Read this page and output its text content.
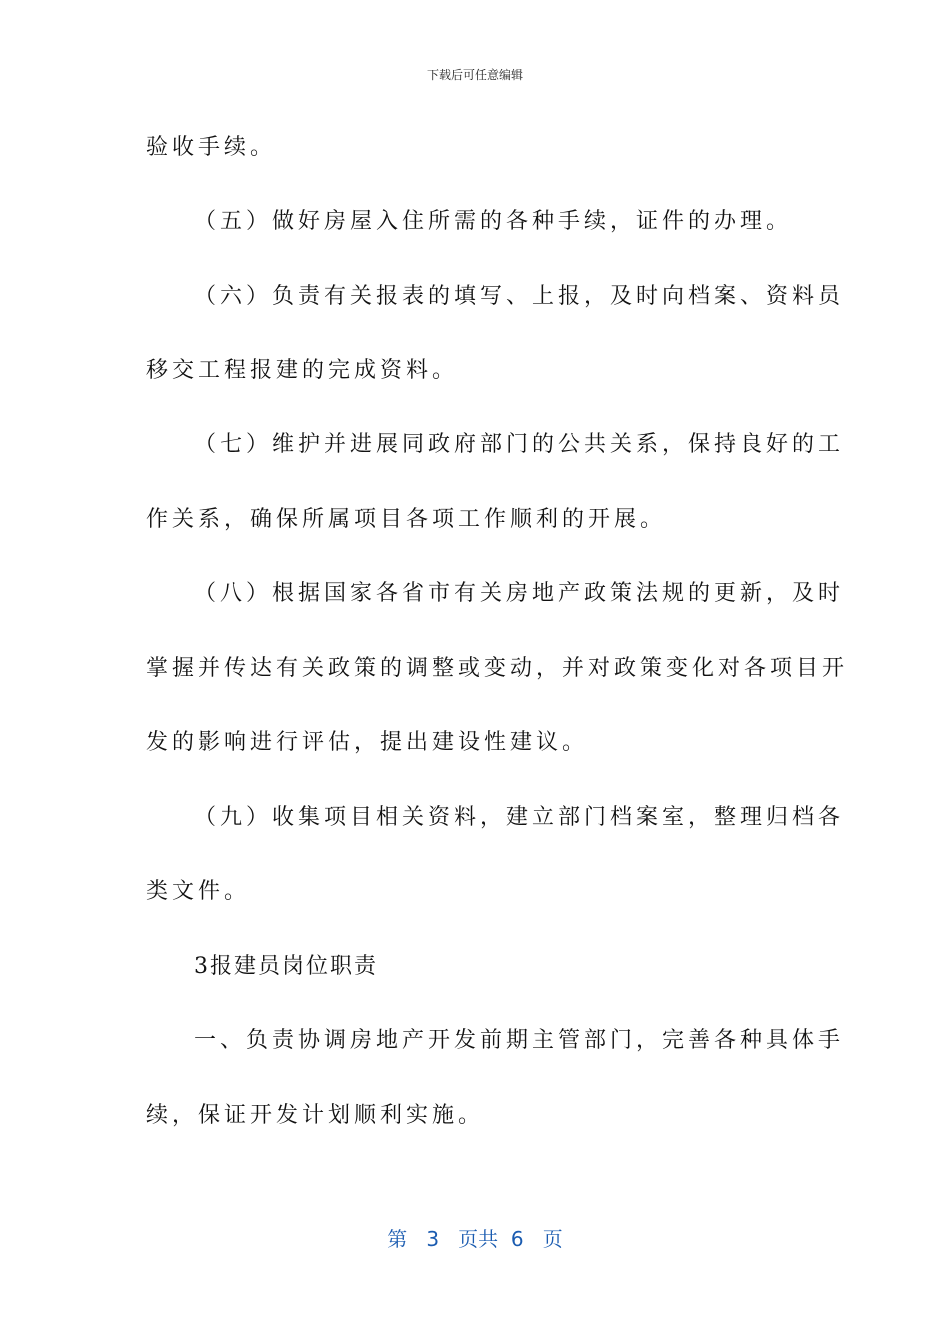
下载后可任意编辑
验收手续。
（五）做好房屋入住所需的各种手续，证件的办理。
（六）负责有关报表的填写、上报，及时向档案、资料员
移交工程报建的完成资料。
（七）维护并进展同政府部门的公共关系，保持良好的工
作关系，确保所属项目各项工作顺利的开展。
（八）根据国家各省市有关房地产政策法规的更新，及时
掌握并传达有关政策的调整或变动，并对政策变化对各项目开
发的影响进行评估，提出建设性建议。
（九）收集项目相关资料，建立部门档案室，整理归档各
类文件。
3报建员岗位职责
一、负责协调房地产开发前期主管部门，完善各种具体手
续，保证开发计划顺利实施。
第 3 页共 6 页
